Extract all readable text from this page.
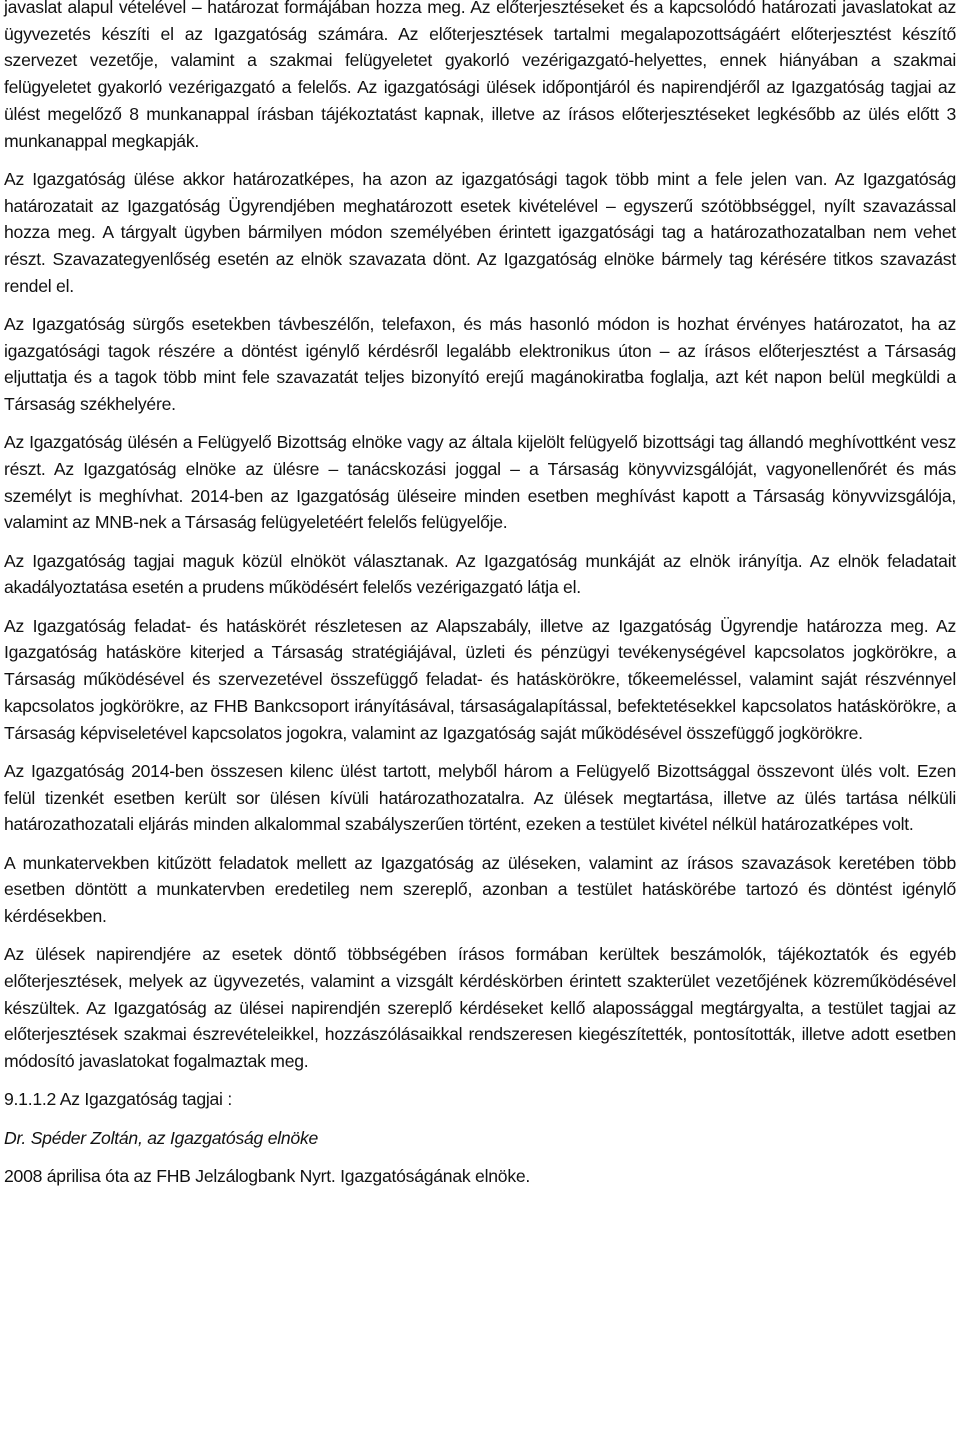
javaslat alapul vételével – határozat formájában hozza meg. Az előterjesztéseket és a kapcsolódó határozati javaslatokat az ügyvezetés készíti el az Igazgatóság számára. Az előterjesztések tartalmi megalapozottságáért előterjesztést készítő szervezet vezetője, valamint a szakmai felügyeletet gyakorló vezérigazgató-helyettes, ennek hiányában a szakmai felügyeletet gyakorló vezérigazgató a felelős. Az igazgatósági ülések időpontjáról és napirendjéről az Igazgatóság tagjai az ülést megelőző 8 munkanappal írásban tájékoztatást kapnak, illetve az írásos előterjesztéseket legkésőbb az ülés előtt 3 munkanappal megkapják.

Az Igazgatóság ülése akkor határozatképes, ha azon az igazgatósági tagok több mint a fele jelen van. Az Igazgatóság határozatait az Igazgatóság Ügyrendjében meghatározott esetek kivételével – egyszerű szótöbbséggel, nyílt szavazással hozza meg. A tárgyalt ügyben bármilyen módon személyében érintett igazgatósági tag a határozathozatalban nem vehet részt. Szavazategyenlőség esetén az elnök szavazata dönt. Az Igazgatóság elnöke bármely tag kérésére titkos szavazást rendel el.

Az Igazgatóság sürgős esetekben távbeszélőn, telefaxon, és más hasonló módon is hozhat érvényes határozatot, ha az igazgatósági tagok részére a döntést igénylő kérdésről legalább elektronikus úton – az írásos előterjesztést a Társaság eljuttatja és a tagok több mint fele szavazatát teljes bizonyító erejű magánokiratba foglalja, azt két napon belül megküldi a Társaság székhelyére.

Az Igazgatóság ülésén a Felügyelő Bizottság elnöke vagy az általa kijelölt felügyelő bizottsági tag állandó meghívottként vesz részt. Az Igazgatóság elnöke az ülésre – tanácskozási joggal – a Társaság könyvvizsgálóját, vagyonellenőrét és más személyt is meghívhat. 2014-ben az Igazgatóság üléseire minden esetben meghívást kapott a Társaság könyvvizsgálója, valamint az MNB-nek a Társaság felügyeletéért felelős felügyelője.

Az Igazgatóság tagjai maguk közül elnököt választanak. Az Igazgatóság munkáját az elnök irányítja. Az elnök feladatait akadályoztatása esetén a prudens működésért felelős vezérigazgató látja el.

Az Igazgatóság feladat- és hatáskörét részletesen az Alapszabály, illetve az Igazgatóság Ügyrendje határozza meg. Az Igazgatóság hatásköre kiterjed a Társaság stratégiájával, üzleti és pénzügyi tevékenységével kapcsolatos jogkörökre, a Társaság működésével és szervezetével összefüggő feladat- és hatáskörökre, tőkeemeléssel, valamint saját részvénnyel kapcsolatos jogkörökre, az FHB Bankcsoport irányításával, társaságalapítással, befektetésekkel kapcsolatos hatáskörökre, a Társaság képviseletével kapcsolatos jogokra, valamint az Igazgatóság saját működésével összefüggő jogkörökre.

Az Igazgatóság 2014-ben összesen kilenc ülést tartott, melyből három a Felügyelő Bizottsággal összevont ülés volt. Ezen felül tizenkét esetben került sor ülésen kívüli határozathozatalra. Az ülések megtartása, illetve az ülés tartása nélküli határozathozatali eljárás minden alkalommal szabályszerűen történt, ezeken a testület kivétel nélkül határozatképes volt.

A munkatervekben kitűzött feladatok mellett az Igazgatóság az üléseken, valamint az írásos szavazások keretében több esetben döntött a munkatervben eredetileg nem szereplő, azonban a testület hatáskörébe tartozó és döntést igénylő kérdésekben.

Az ülések napirendjére az esetek döntő többségében írásos formában kerültek beszámolók, tájékoztatók és egyéb előterjesztések, melyek az ügyvezetés, valamint a vizsgált kérdéskörben érintett szakterület vezetőjének közreműködésével készültek. Az Igazgatóság az ülései napirendjén szereplő kérdéseket kellő alapossággal megtárgyalta, a testület tagjai az előterjesztések szakmai észrevételeikkel, hozzászólásaikkal rendszeresen kiegészítették, pontosították, illetve adott esetben módosító javaslatokat fogalmaztak meg.

9.1.1.2 Az Igazgatóság tagjai :

Dr. Spéder Zoltán, az Igazgatóság elnöke

2008 áprilisa óta az FHB Jelzálogbank Nyrt. Igazgatóságának elnöke.
